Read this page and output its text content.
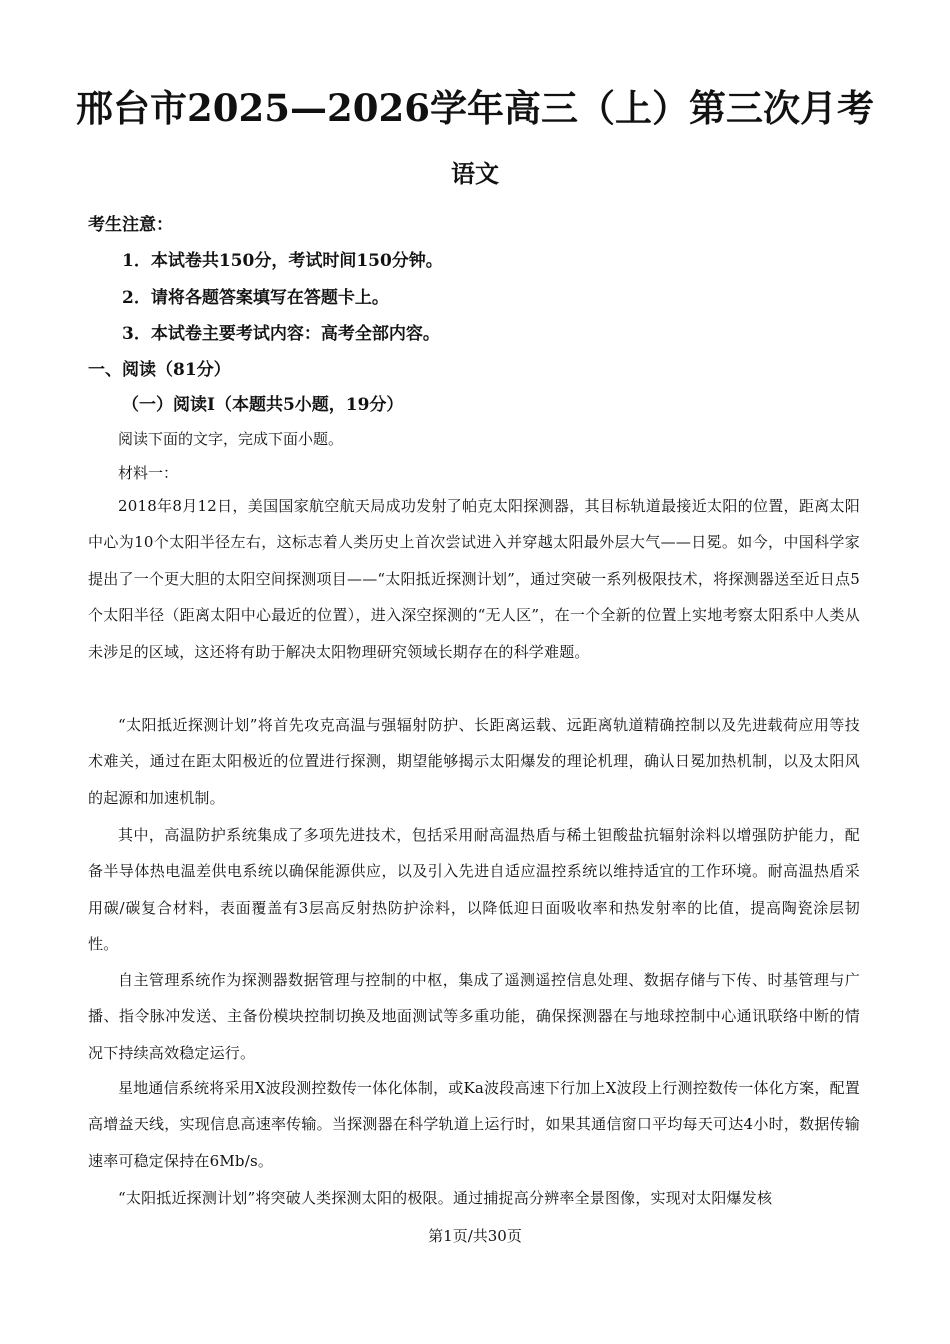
邢台市2025—2026学年高三（上）第三次月考
语文
考生注意：
1．本试卷共150分，考试时间150分钟。
2．请将各题答案填写在答题卡上。
3．本试卷主要考试内容：高考全部内容。
一、阅读（81分）
（一）阅读Ⅰ（本题共5小题，19分）
阅读下面的文字，完成下面小题。
材料一：
2018年8月12日，美国国家航空航天局成功发射了帕克太阳探测器，其目标轨道最接近太阳的位置，距离太阳中心为10个太阳半径左右，这标志着人类历史上首次尝试进入并穿越太阳最外层大气——日冕。如今，中国科学家提出了一个更大胆的太阳空间探测项目——“太阳抵近探测计划”，通过突破一系列极限技术，将探测器送至近日点5个太阳半径（距离太阳中心最近的位置），进入深空探测的“无人区”，在一个全新的位置上实地考察太阳系中人类从未涉足的区域，这还将有助于解决太阳物理研究领域长期存在的科学难题。
“太阳抵近探测计划”将首先攻克高温与强辐射防护、长距离运载、远距离轨道精确控制以及先进载荷应用等技术难关，通过在距太阳极近的位置进行探测，期望能够揭示太阳爆发的理论机理，确认日冕加热机制，以及太阳风的起源和加速机制。
其中，高温防护系统集成了多项先进技术，包括采用耐高温热盾与稀土钽酸盐抗辐射涂料以增强防护能力，配备半导体热电温差供电系统以确保能源供应，以及引入先进自适应温控系统以维持适宜的工作环境。耐高温热盾采用碳/碳复合材料，表面覆盖有3层高反射热防护涂料，以降低迎日面吸收率和热发射率的比值，提高陶瓷涂层韧性。
自主管理系统作为探测器数据管理与控制的中枢，集成了遥测遥控信息处理、数据存储与下传、时基管理与广播、指令脉冲发送、主备份模块控制切换及地面测试等多重功能，确保探测器在与地球控制中心通讯联络中断的情况下持续高效稳定运行。
星地通信系统将采用X波段测控数传一体化体制，或Ka波段高速下行加上X波段上行测控数传一体化方案，配置高增益天线，实现信息高速率传输。当探测器在科学轨道上运行时，如果其通信窗口平均每天可达4小时，数据传输速率可稳定保持在6Mb/s。
“太阳抵近探测计划”将突破人类探测太阳的极限。通过捕捉高分辨率全景图像，实现对太阳爆发核
第1页/共30页
